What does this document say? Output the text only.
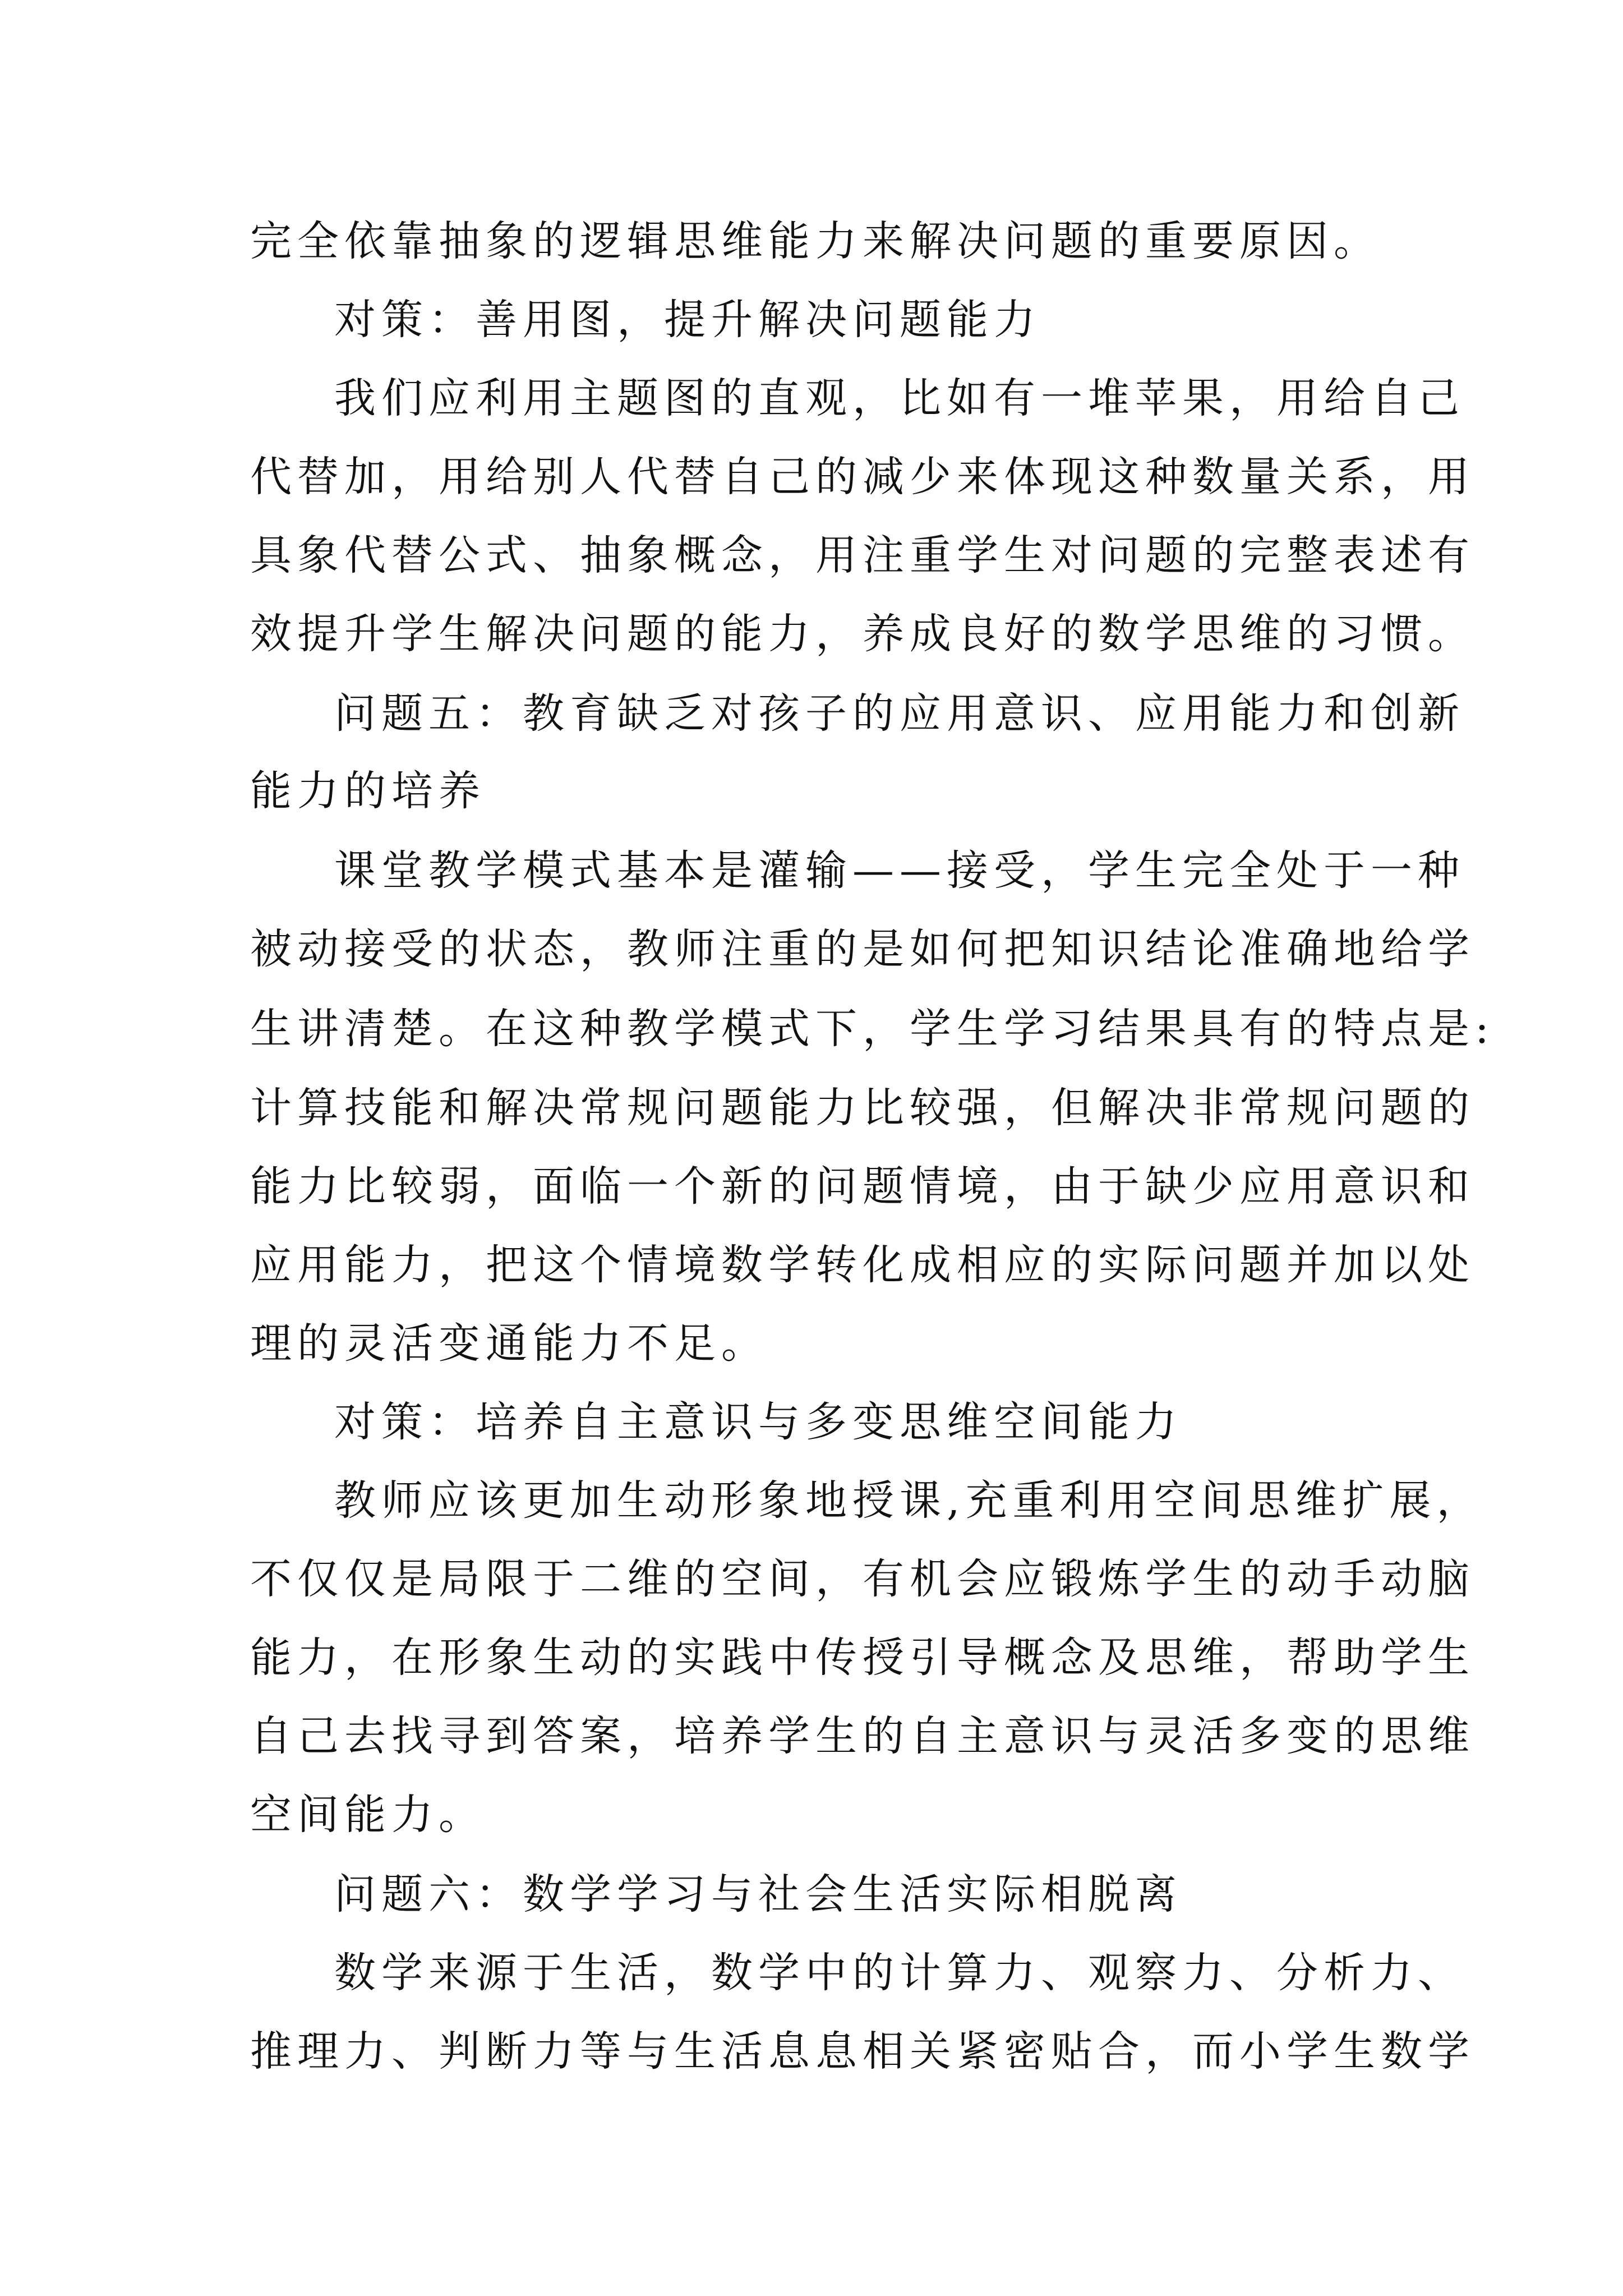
完全依靠抽象的逻辑思维能力来解决问题的重要原因。
对策：善用图，提升解决问题能力
我们应利用主题图的直观，比如有一堆苹果，用给自己
代替加，用给别人代替自己的减少来体现这种数量关系，用
具象代替公式、抽象概念，用注重学生对问题的完整表述有
效提升学生解决问题的能力，养成良好的数学思维的习惯。
问题五：教育缺乏对孩子的应用意识、应用能力和创新
能力的培养
课堂教学模式基本是灌输——接受，学生完全处于一种
被动接受的状态，教师注重的是如何把知识结论准确地给学
生讲清楚。在这种教学模式下，学生学习结果具有的特点是:
计算技能和解决常规问题能力比较强，但解决非常规问题的
能力比较弱，面临一个新的问题情境，由于缺少应用意识和
应用能力，把这个情境数学转化成相应的实际问题并加以处
理的灵活变通能力不足。
对策：培养自主意识与多变思维空间能力
教师应该更加生动形象地授课,充重利用空间思维扩展，
不仅仅是局限于二维的空间，有机会应锻炼学生的动手动脑
能力，在形象生动的实践中传授引导概念及思维，帮助学生
自己去找寻到答案，培养学生的自主意识与灵活多变的思维
空间能力。
问题六：数学学习与社会生活实际相脱离
数学来源于生活，数学中的计算力、观察力、分析力、
推理力、判断力等与生活息息相关紧密贴合，而小学生数学
